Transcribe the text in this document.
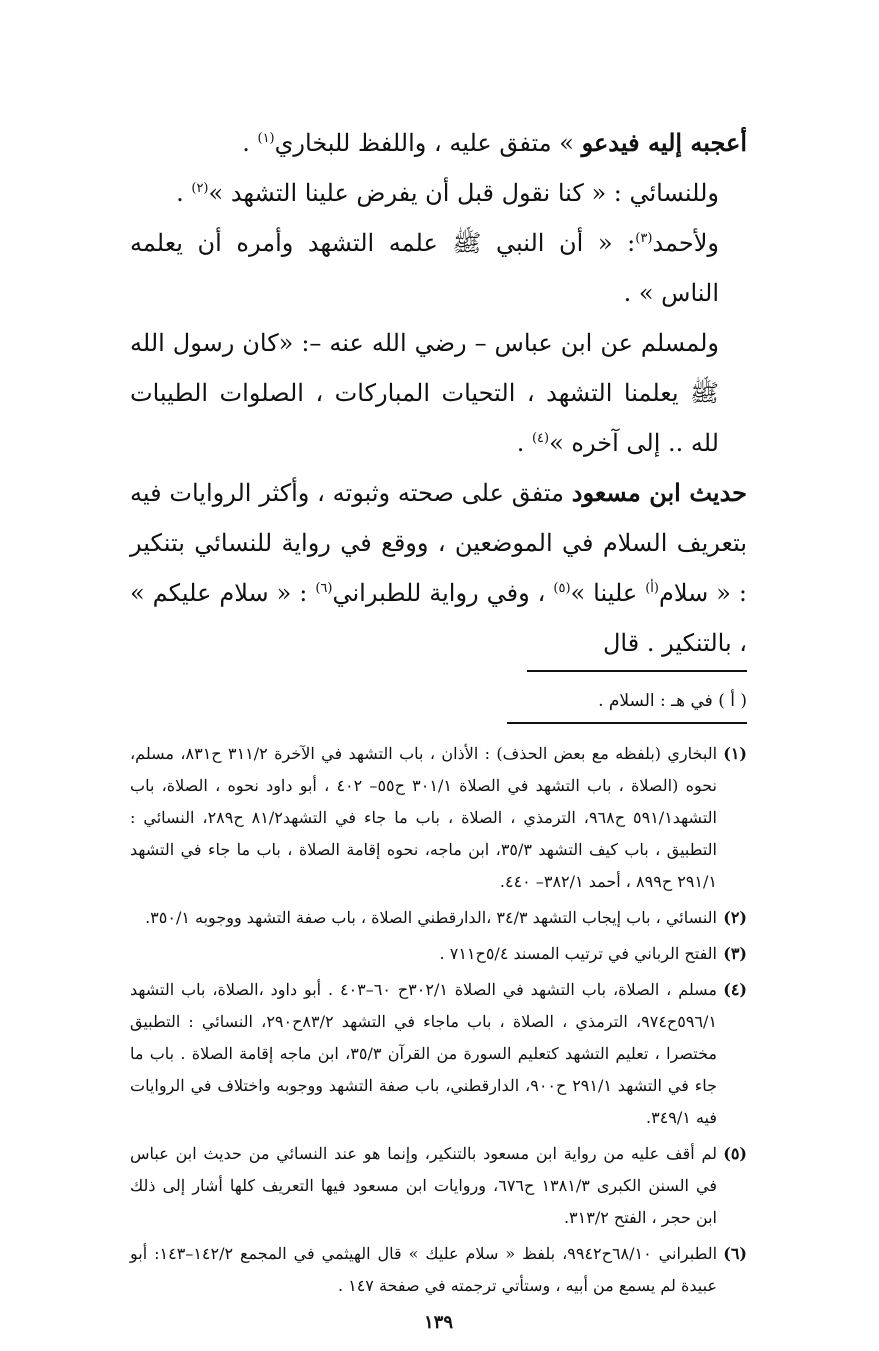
أعجبه إليه فيدعو » متفق عليه ، واللفظ للبخاري$^{(١)}$ .

وللنسائي : « كنا نقول قبل أن يفرض علينا التشهد »$^{(٢)}$ .

ولأحمد$^{(٣)}$: « أن النبي ﷺ علمه التشهد وأمره أن يعلمه الناس » .

ولمسلم عن ابن عباس – رضي الله عنه –: «كان رسول الله ﷺ يعلمنا التشهد ، التحيات المباركات ، الصلوات الطيبات لله .. إلى آخره »$^{(٤)}$ .

حديث ابن مسعود متفق على صحته وثبوته ، وأكثر الروايات فيه بتعريف السلام في الموضعين ، ووقع في رواية للنسائي بتنكير : « سلام$^{(أ)}$ علينا »$^{(٥)}$ ، وفي رواية للطبراني$^{(٦)}$ : « سلام عليكم » ، بالتنكير . قال

( أ ) في هـ : السلام .
(١)
البخاري (بلفظه مع بعض الحذف) : الأذان ، باب التشهد في الآخرة ٣١١/٢ ح٨٣١، مسلم، نحوه (الصلاة ، باب التشهد في الصلاة ٣٠١/١ ح٥٥– ٤٠٢ ، أبو داود نحوه ، الصلاة، باب التشهد٥٩١/١ ح٩٦٨، الترمذي ، الصلاة ، باب ما جاء في التشهد٨١/٢ ح٢٨٩، النسائي : التطبيق ، باب كيف التشهد ٣٥/٣، ابن ماجه، نحوه إقامة الصلاة ، باب ما جاء في التشهد ٢٩١/١ ح٨٩٩ ، أحمد ٣٨٢/١– ٤٤٠.
(٢)
النسائي ، باب إيجاب التشهد ٣٤/٣ ،الدارقطني الصلاة ، باب صفة التشهد ووجوبه ٣٥٠/١.
(٣)
الفتح الرباني في ترتيب المسند ٥/٤ح٧١١ .
(٤)
مسلم ، الصلاة، باب التشهد في الصلاة ٣٠٢/١ح ٦٠–٤٠٣ . أبو داود ،الصلاة، باب التشهد ٥٩٦/١ح٩٧٤، الترمذي ، الصلاة ، باب ماجاء في التشهد ٨٣/٢ح٢٩٠، النسائي : التطبيق مختصرا ، تعليم التشهد كتعليم السورة من القرآن ٣٥/٣، ابن ماجه إقامة الصلاة . باب ما جاء في التشهد ٢٩١/١ ح٩٠٠، الدارقطني، باب صفة التشهد ووجوبه واختلاف في الروايات فيه ٣٤٩/١.
(٥)
لم أقف عليه من رواية ابن مسعود بالتنكير، وإنما هو عند النسائي من حديث ابن عباس في السنن الكبرى ١٣٨١/٣ ح٦٧٦، وروايات ابن مسعود فيها التعريف كلها أشار إلى ذلك ابن حجر ، الفتح ٣١٣/٢.
(٦)
الطبراني ٦٨/١٠ح٩٩٤٢، بلفظ « سلام عليك » قال الهيثمي في المجمع ١٤٢/٢–١٤٣: أبو عبيدة لم يسمع من أبيه ، وستأتي ترجمته في صفحة ١٤٧ .
١٣٩
